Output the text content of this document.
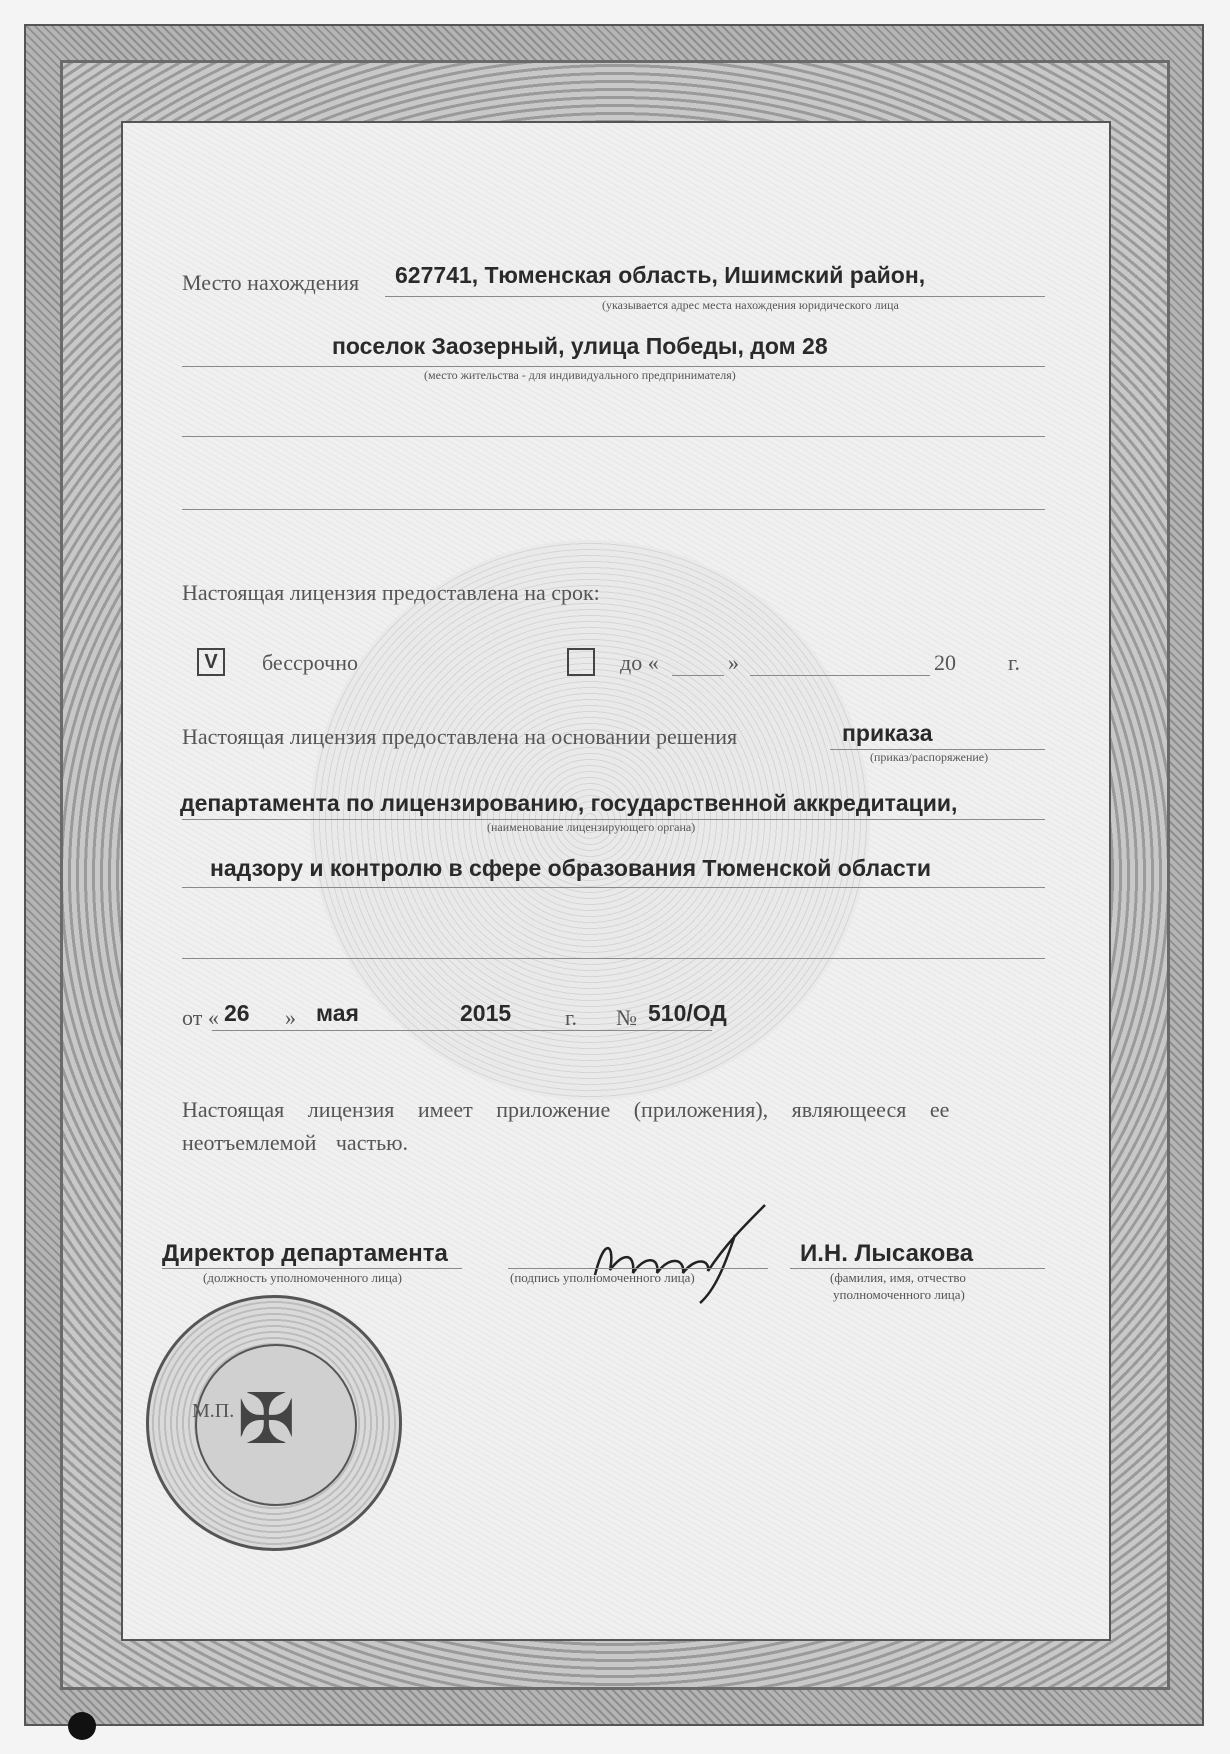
Место нахождения 627741, Тюменская область, Ишимский район,
(указывается адрес места нахождения юридического лица
поселок Заозерный, улица Победы, дом 28
(место жительства - для индивидуального предпринимателя)
Настоящая лицензия предоставлена на срок:
V	бессрочно	до «	»	20 г.
Настоящая лицензия предоставлена на основании решения	приказа
(приказ/распоряжение)
департамента по лицензированию, государственной аккредитации,
(наименование лицензирующего органа)
надзору и контролю в сфере образования Тюменской области
от « 26 » мая	2015 г. № 510/ОД
Настоящая лицензия имеет приложение (приложения), являющееся ее
неотъемлемой частью.
Директор департамента
(должность уполномоченного лица)	(подпись уполномоченного лица)
И.Н. Лысакова
(фамилия, имя, отчество
уполномоченного лица)
✠
М.П.
